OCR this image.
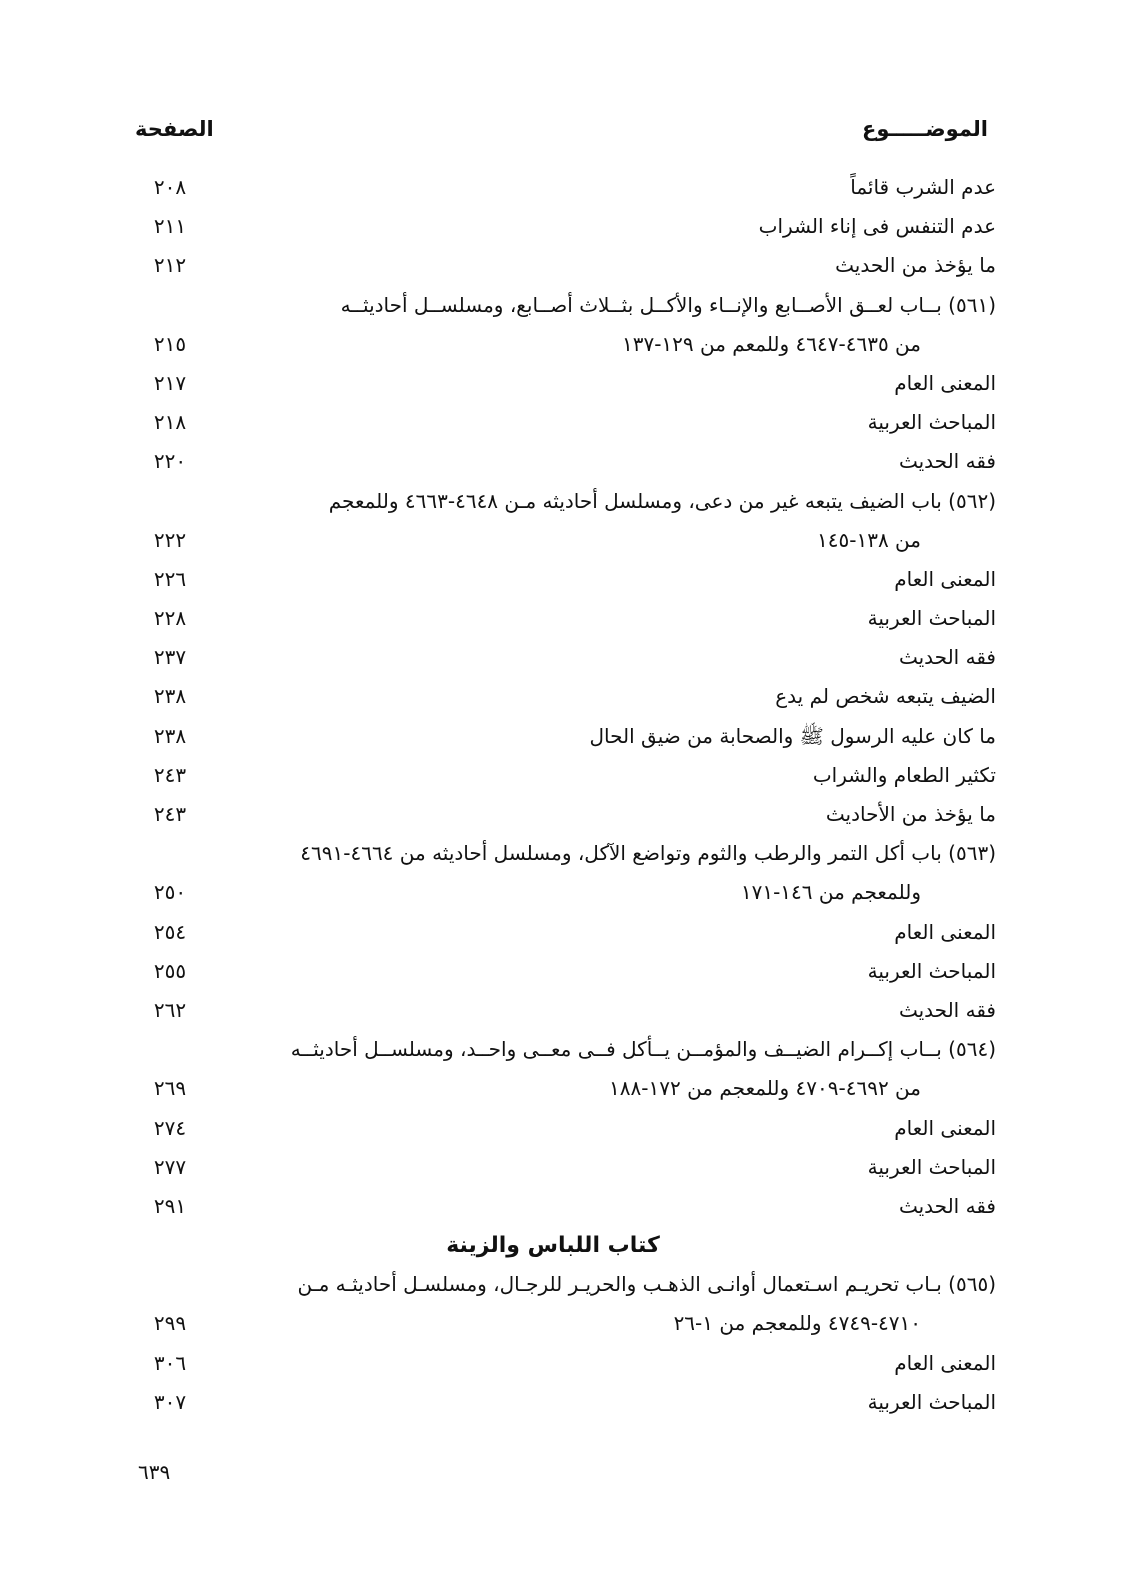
الموضـــــوع
الصفحة
عدم الشرب قائماً
٢٠٨
عدم التنفس فى إناء الشراب
٢١١
ما يؤخذ من الحديث
٢١٢
(٥٦١) بــاب لعــق الأصــابع والإنــاء والأكــل بثــلاث أصــابع، ومسلســل أحاديثــه
من ٤٦٣٥-٤٦٤٧ وللمعم من ١٢٩-١٣٧
٢١٥
المعنى العام
٢١٧
المباحث العربية
٢١٨
فقه الحديث
٢٢٠
(٥٦٢) باب الضيف يتبعه غير من دعى، ومسلسل أحاديثه مـن ٤٦٤٨-٤٦٦٣ وللمعجم
من ١٣٨-١٤٥
٢٢٢
المعنى العام
٢٢٦
المباحث العربية
٢٢٨
فقه الحديث
٢٣٧
الضيف يتبعه شخص لم يدع
٢٣٨
ما كان عليه الرسول ﷺ والصحابة من ضيق الحال
٢٣٨
تكثير الطعام والشراب
٢٤٣
ما يؤخذ من الأحاديث
٢٤٣
(٥٦٣) باب أكل التمر والرطب والثوم وتواضع الآكل، ومسلسل أحاديثه من ٤٦٦٤-٤٦٩١
وللمعجم من ١٤٦-١٧١
٢٥٠
المعنى العام
٢٥٤
المباحث العربية
٢٥٥
فقه الحديث
٢٦٢
(٥٦٤) بــاب إكــرام الضيــف والمؤمــن يــأكل فــى معــى واحــد، ومسلســل أحاديثــه
من ٤٦٩٢-٤٧٠٩ وللمعجم من ١٧٢-١٨٨
٢٦٩
المعنى العام
٢٧٤
المباحث العربية
٢٧٧
فقه الحديث
٢٩١
كتاب اللباس والزينة
(٥٦٥) بـاب تحريـم اسـتعمال أوانـى الذهـب والحريـر للرجـال، ومسلسـل أحاديثـه مـن
٤٧١٠-٤٧٤٩ وللمعجم من ١-٢٦
٢٩٩
المعنى العام
٣٠٦
المباحث العربية
٣٠٧
٦٣٩
